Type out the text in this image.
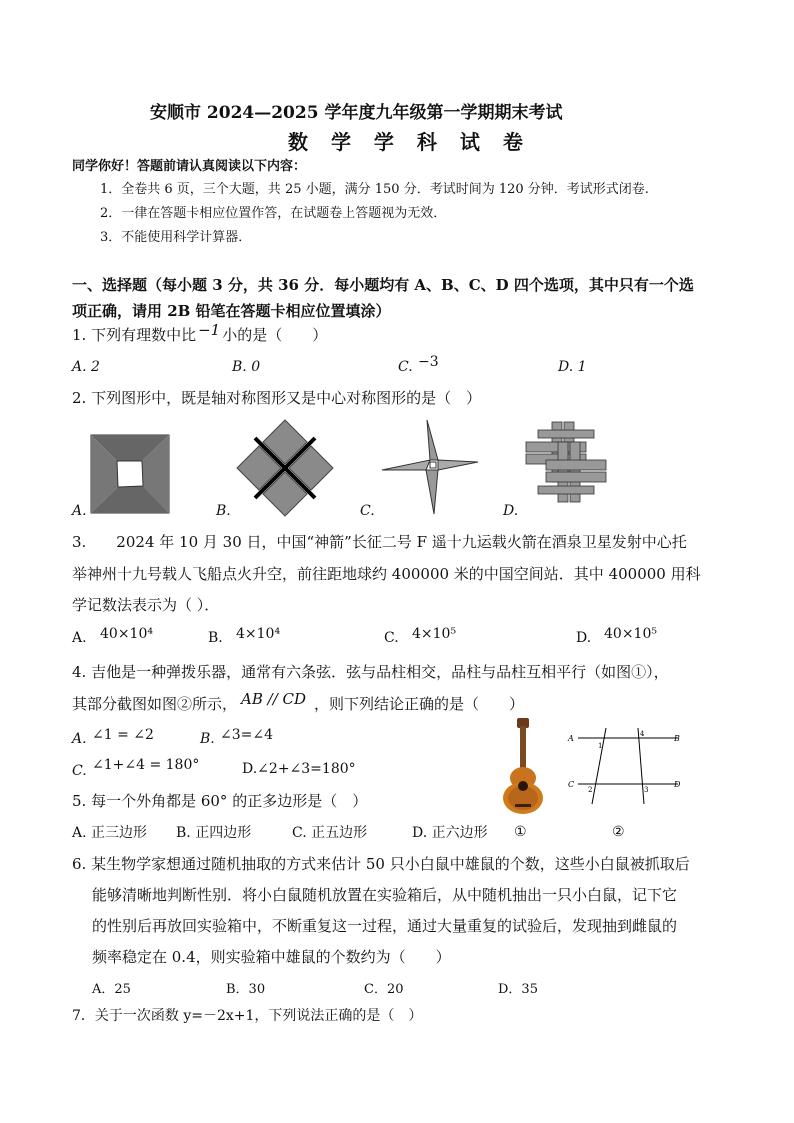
安顺市 2024—2025 学年度九年级第一学期期末考试
数 学 学 科 试 卷
同学你好！答题前请认真阅读以下内容：
1．全卷共 6 页，三个大题，共 25 小题，满分 150 分．考试时间为 120 分钟．考试形式闭卷.
2．一律在答题卡相应位置作答，在试题卷上答题视为无效．
3．不能使用科学计算器．
一、选择题（每小题 3 分，共 36 分．每小题均有 A、B、C、D 四个选项，其中只有一个选
项正确，请用 2B 铅笔在答题卡相应位置填涂）
1. 下列有理数中比 −1 小的是（　　）
A. 2	B. 0	C. −3	D. 1
2. 下列图形中，既是轴对称图形又是中心对称图形的是（　）
A.	B.	C.	D.
3.　　2024 年 10 月 30 日，中国“神箭”长征二号 F 遥十九运载火箭在酒泉卫星发射中心托
举神州十九号载人飞船点火升空，前往距地球约 400000 米的中国空间站．其中 400000 用科
学记数法表示为（ ）．
A. 40×10⁴	B. 4×10⁴	C. 4×10⁵	D. 40×10⁵
4. 吉他是一种弹拨乐器，通常有六条弦．弦与品柱相交，品柱与品柱互相平行（如图①），
其部分截图如图②所示， AB // CD ，则下列结论正确的是（　　）
A. ∠1 = ∠2	B. ∠3=∠4
C. ∠1+∠4 = 180°	D.∠2+∠3=180°
①
A	B
C	D
1
2	3
4
②
5. 每一个外角都是 60° 的正多边形是（　）
A. 正三边形 B. 正四边形	C. 正五边形	D. 正六边形
6. 某生物学家想通过随机抽取的方式来估计 50 只小白鼠中雄鼠的个数，这些小白鼠被抓取后
能够清晰地判断性别．将小白鼠随机放置在实验箱后，从中随机抽出一只小白鼠，记下它
的性别后再放回实验箱中，不断重复这一过程，通过大量重复的试验后，发现抽到雌鼠的
频率稳定在 0.4，则实验箱中雄鼠的个数约为（　　）
A．25	B．30	C．20	D．35
7．关于一次函数 y=－2x+1，下列说法正确的是（　）
